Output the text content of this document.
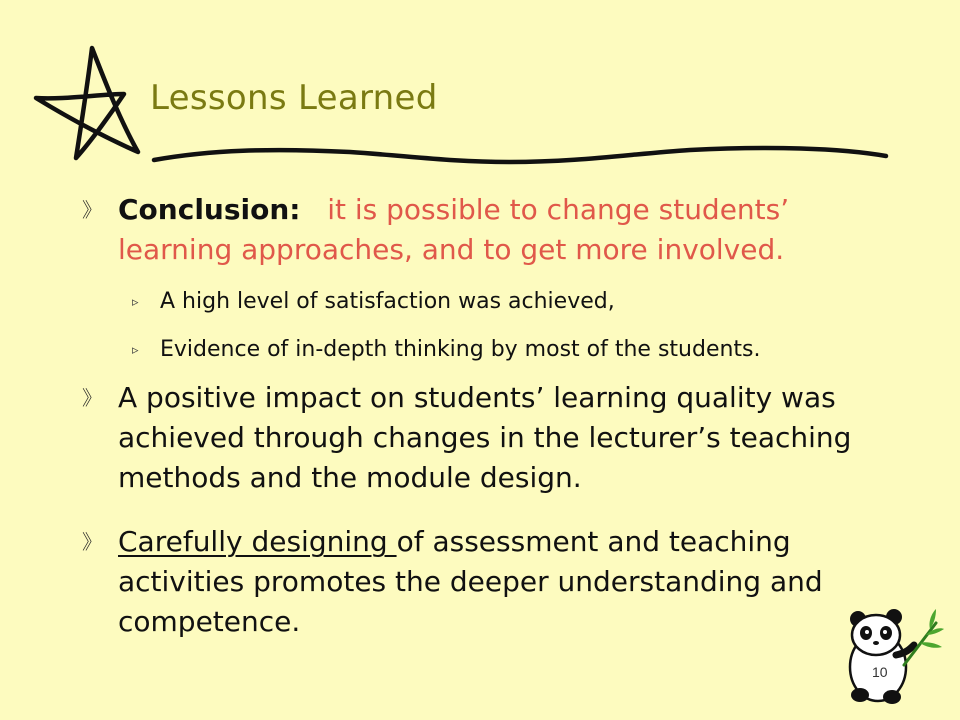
Lessons Learned
》 Conclusion: it is possible to change students’ learning approaches, and to get more involved.
▹ A high level of satisfaction was achieved,
▹ Evidence of in-depth thinking by most of the students.
》 A positive impact on students’ learning quality was achieved through changes in the lecturer’s teaching methods and the module design.
》 Carefully designing of assessment and teaching activities promotes the deeper understanding and competence.
10
